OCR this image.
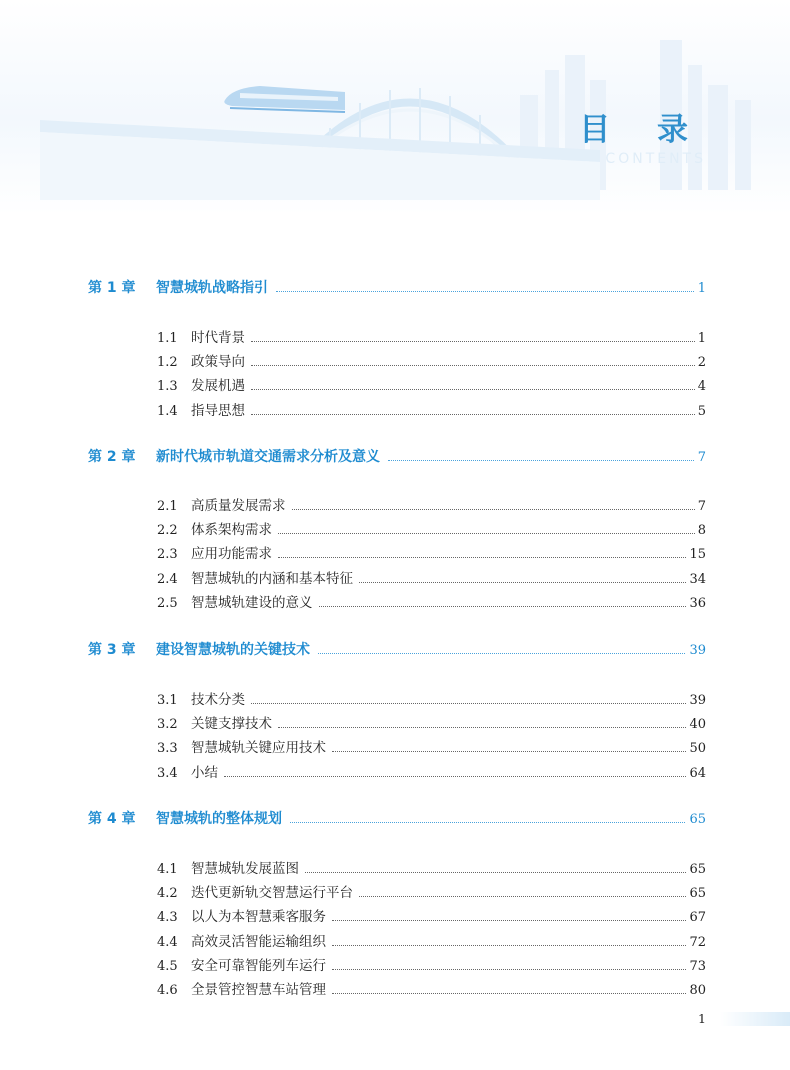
目 录
CONTENTS
第 1 章	智慧城轨战略指引	1
1.1 时代背景	1
1.2 政策导向	2
1.3 发展机遇	4
1.4 指导思想	5
第 2 章	新时代城市轨道交通需求分析及意义	7
2.1 高质量发展需求	7
2.2 体系架构需求	8
2.3 应用功能需求	15
2.4 智慧城轨的内涵和基本特征	34
2.5 智慧城轨建设的意义	36
第 3 章	建设智慧城轨的关键技术	39
3.1 技术分类	39
3.2 关键支撑技术	40
3.3 智慧城轨关键应用技术	50
3.4 小结	64
第 4 章	智慧城轨的整体规划	65
4.1 智慧城轨发展蓝图	65
4.2 迭代更新轨交智慧运行平台	65
4.3 以人为本智慧乘客服务	67
4.4 高效灵活智能运输组织	72
4.5 安全可靠智能列车运行	73
4.6 全景管控智慧车站管理	80
1
